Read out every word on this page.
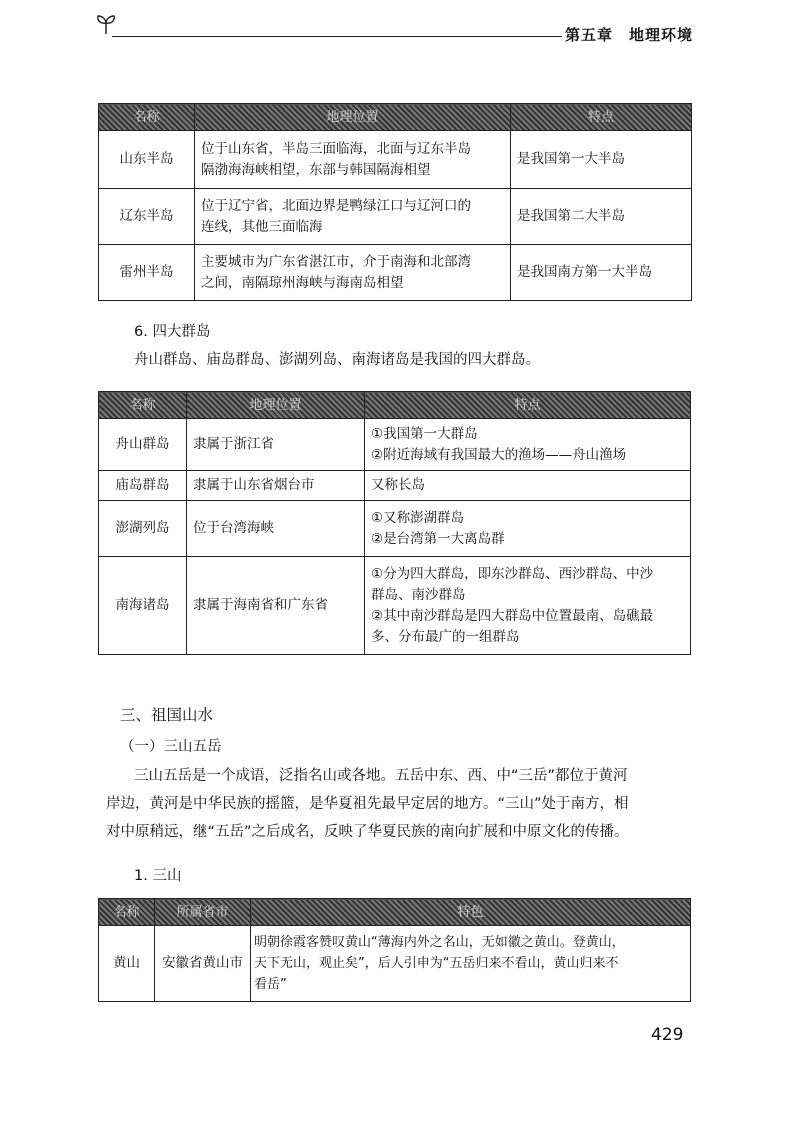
第五章　地理环境
名称	地理位置	特点
山东半岛	位于山东省，半岛三面临海，北面与辽东半岛
隔渤海海峡相望，东部与韩国隔海相望	是我国第一大半岛
辽东半岛	位于辽宁省，北面边界是鸭绿江口与辽河口的
连线，其他三面临海	是我国第二大半岛
雷州半岛	主要城市为广东省湛江市，介于南海和北部湾
之间，南隔琼州海峡与海南岛相望	是我国南方第一大半岛
6. 四大群岛
舟山群岛、庙岛群岛、澎湖列岛、南海诸岛是我国的四大群岛。
名称	地理位置	特点
舟山群岛	隶属于浙江省	①我国第一大群岛
②附近海域有我国最大的渔场——舟山渔场

庙岛群岛	隶属于山东省烟台市	又称长岛

澎湖列岛	位于台湾海峡	①又称澎湖群岛
②是台湾第一大离岛群

南海诸岛	隶属于海南省和广东省	①分为四大群岛，即东沙群岛、西沙群岛、中沙
群岛、南沙群岛
②其中南沙群岛是四大群岛中位置最南、岛礁最
多、分布最广的一组群岛
三、祖国山水
（一）三山五岳
三山五岳是一个成语，泛指名山或各地。五岳中东、西、中“三岳”都位于黄河
岸边，黄河是中华民族的摇篮，是华夏祖先最早定居的地方。“三山”处于南方，相
对中原稍远，继“五岳”之后成名，反映了华夏民族的南向扩展和中原文化的传播。
1. 三山
名称	所属省市	特色
黄山	安徽省黄山市	明朝徐霞客赞叹黄山“薄海内外之名山，无如徽之黄山。登黄山，
天下无山，观止矣”，后人引申为“五岳归来不看山，黄山归来不
看岳”
429
